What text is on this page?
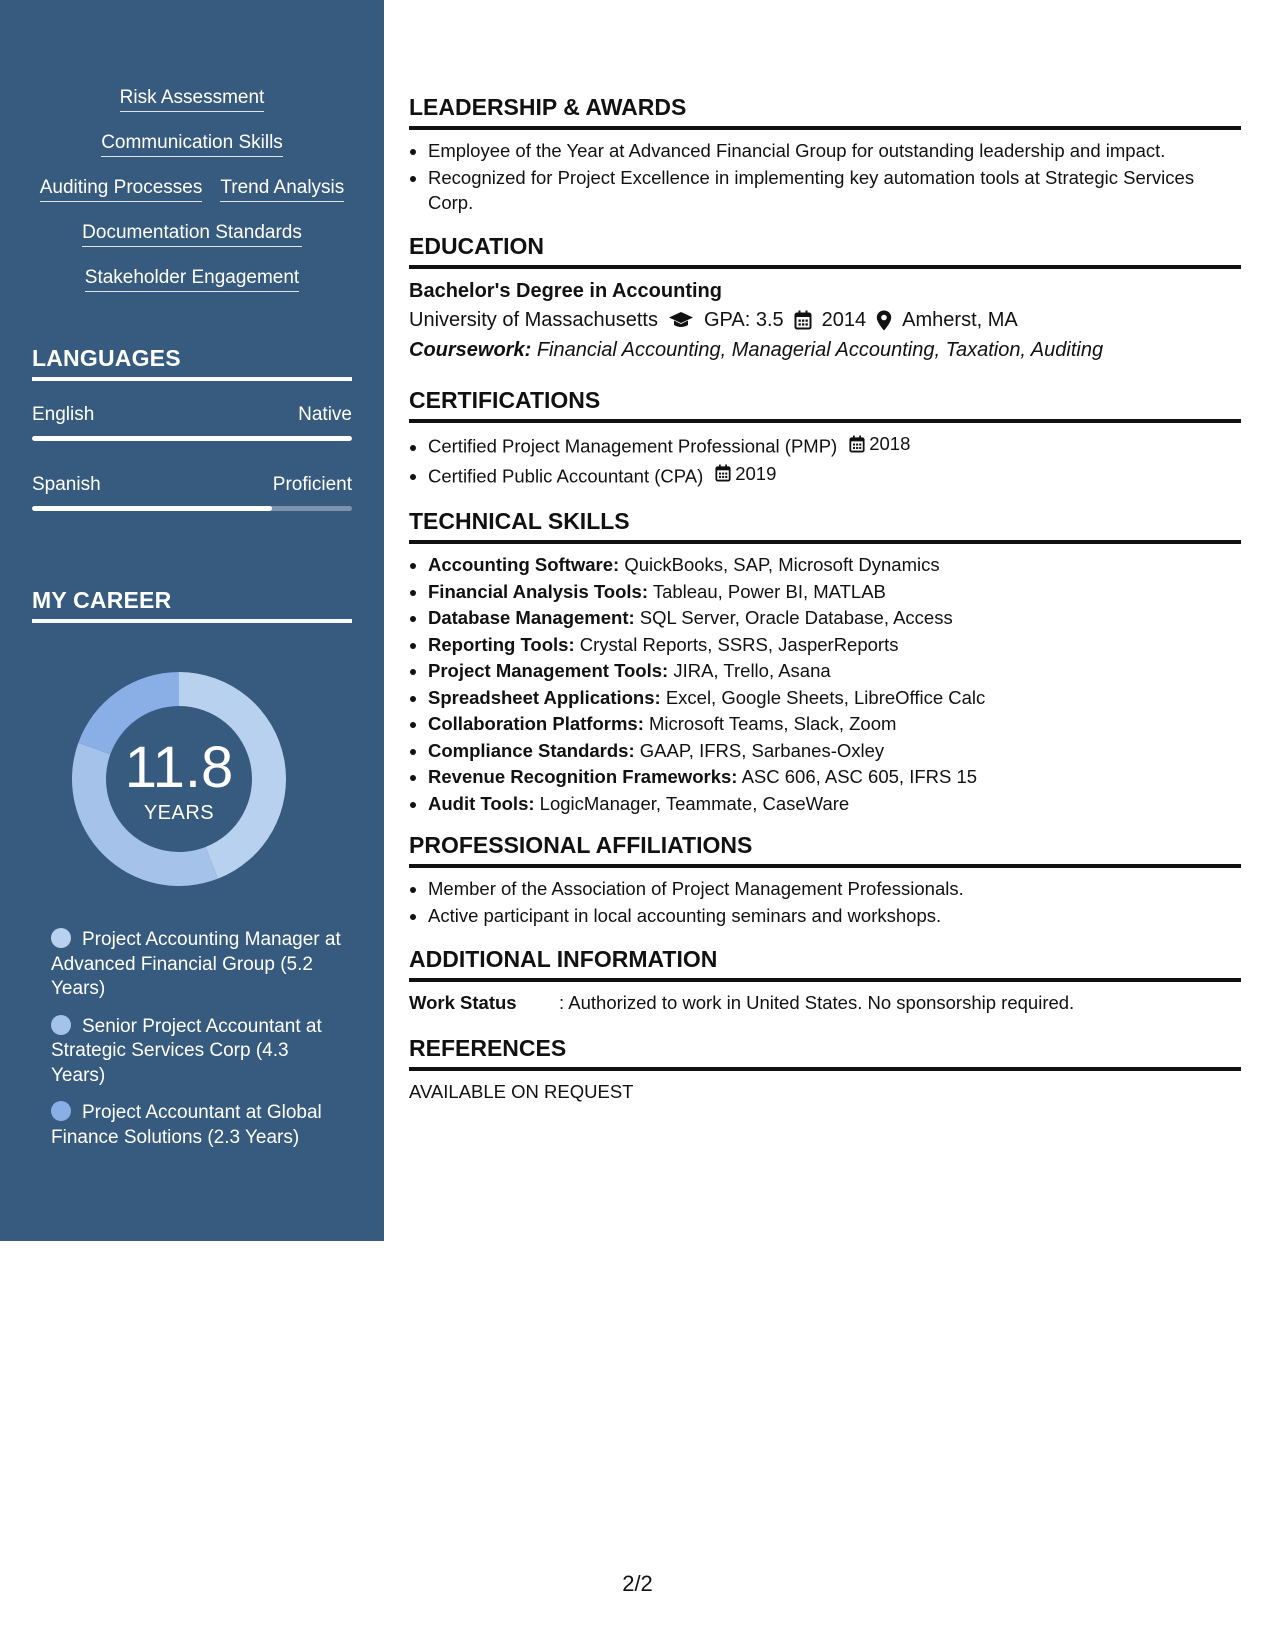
Risk Assessment
Communication Skills
Auditing Processes Trend Analysis
Documentation Standards
Stakeholder Engagement
LANGUAGES
English	Native
Spanish	Proficient
MY CAREER
11.8
YEARS
Project Accounting Manager at Advanced Financial Group (5.2 Years)
Senior Project Accountant at Strategic Services Corp (4.3 Years)
Project Accountant at Global Finance Solutions (2.3 Years)
LEADERSHIP & AWARDS
• Employee of the Year at Advanced Financial Group for outstanding leadership and impact.
• Recognized for Project Excellence in implementing key automation tools at Strategic Services Corp.
EDUCATION
Bachelor's Degree in Accounting
University of Massachusetts GPA: 3.5 2014 Amherst, MA
Coursework: Financial Accounting, Managerial Accounting, Taxation, Auditing
CERTIFICATIONS
• Certified Project Management Professional (PMP) 2018
• Certified Public Accountant (CPA) 2019
TECHNICAL SKILLS
• Accounting Software: QuickBooks, SAP, Microsoft Dynamics
• Financial Analysis Tools: Tableau, Power BI, MATLAB
• Database Management: SQL Server, Oracle Database, Access
• Reporting Tools: Crystal Reports, SSRS, JasperReports
• Project Management Tools: JIRA, Trello, Asana
• Spreadsheet Applications: Excel, Google Sheets, LibreOffice Calc
• Collaboration Platforms: Microsoft Teams, Slack, Zoom
• Compliance Standards: GAAP, IFRS, Sarbanes-Oxley
• Revenue Recognition Frameworks: ASC 606, ASC 605, IFRS 15
• Audit Tools: LogicManager, Teammate, CaseWare
PROFESSIONAL AFFILIATIONS
• Member of the Association of Project Management Professionals.
• Active participant in local accounting seminars and workshops.
ADDITIONAL INFORMATION
Work Status	: Authorized to work in United States. No sponsorship required.
REFERENCES
AVAILABLE ON REQUEST
2/2
